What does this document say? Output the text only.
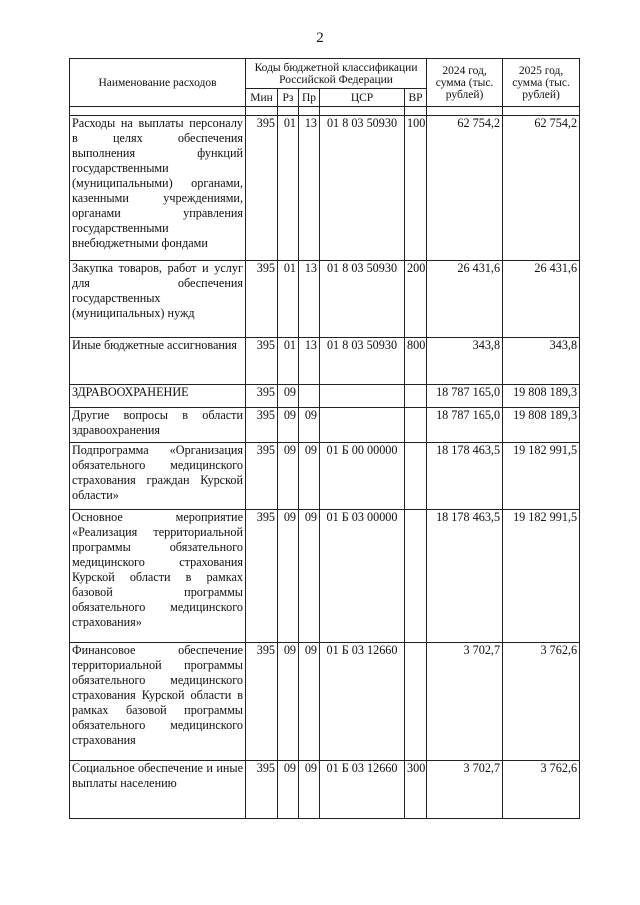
2
Наименование расходов	Коды бюджетной классификации Российской Федерации					2024 год, сумма (тыс. рублей)	2025 год, сумма (тыс. рублей)
	Мин	Рз	Пр	ЦСР	ВР		

Расходы на выплаты персоналу в целях обеспечения выполнения функций государственными (муниципальными) органами, казенными учреждениями, органами управления государственными внебюджетными фондами	395	01	13	01 8 03 50930	100	62 754,2	62 754,2
Закупка товаров, работ и услуг для обеспечения государственных (муниципальных) нужд	395	01	13	01 8 03 50930	200	26 431,6	26 431,6
Иные бюджетные ассигнования	395	01	13	01 8 03 50930	800	343,8	343,8
ЗДРАВООХРАНЕНИЕ	395	09				18 787 165,0	19 808 189,3
Другие вопросы в области здравоохранения	395	09	09			18 787 165,0	19 808 189,3
Подпрограмма «Организация обязательного медицинского страхования граждан Курской области»	395	09	09	01 Б 00 00000		18 178 463,5	19 182 991,5
Основное мероприятие «Реализация территориальной программы обязательного медицинского страхования Курской области в рамках базовой программы обязательного медицинского страхования»	395	09	09	01 Б 03 00000		18 178 463,5	19 182 991,5
Финансовое обеспечение территориальной программы обязательного медицинского страхования Курской области в рамках базовой программы обязательного медицинского страхования	395	09	09	01 Б 03 12660		3 702,7	3 762,6
Социальное обеспечение и иные выплаты населению	395	09	09	01 Б 03 12660	300	3 702,7	3 762,6
